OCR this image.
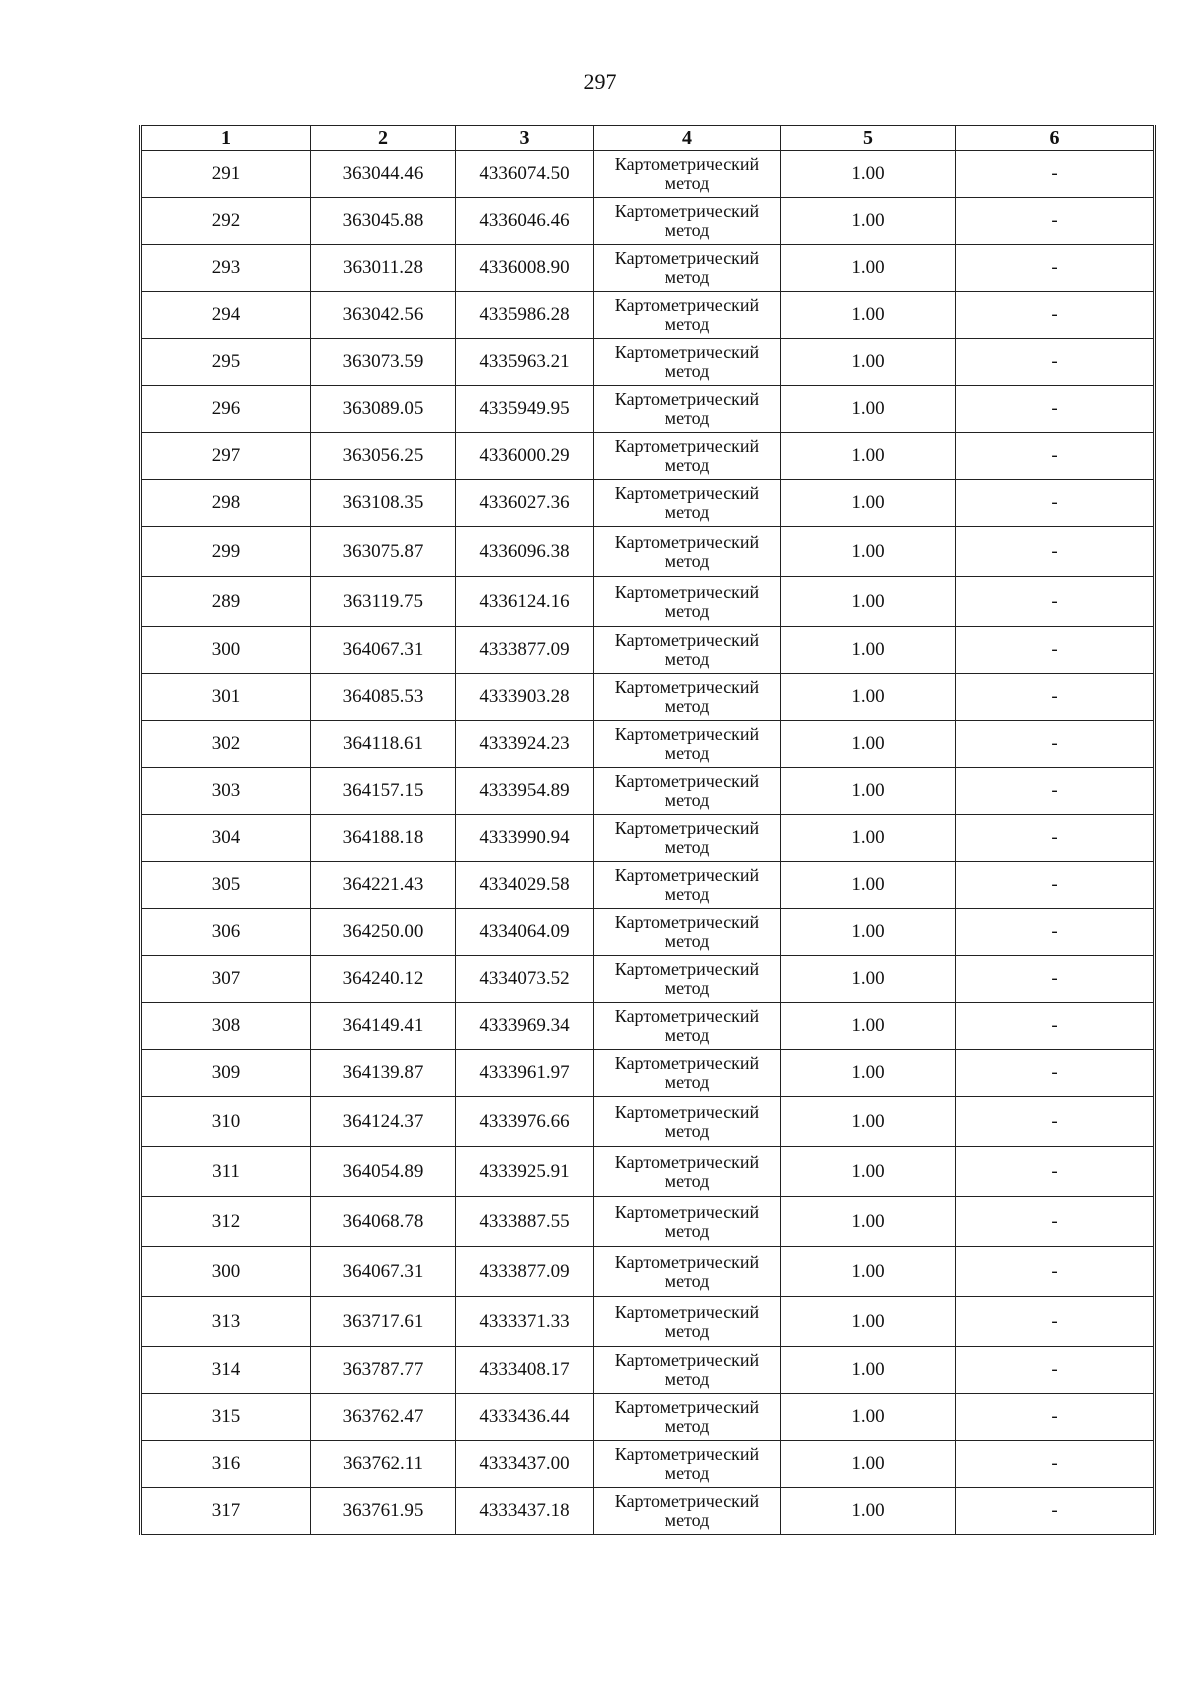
297
1	2	3	4	5	6
291	363044.46	4336074.50	Картометрический метод	1.00	-
292	363045.88	4336046.46	Картометрический метод	1.00	-
293	363011.28	4336008.90	Картометрический метод	1.00	-
294	363042.56	4335986.28	Картометрический метод	1.00	-
295	363073.59	4335963.21	Картометрический метод	1.00	-
296	363089.05	4335949.95	Картометрический метод	1.00	-
297	363056.25	4336000.29	Картометрический метод	1.00	-
298	363108.35	4336027.36	Картометрический метод	1.00	-
299	363075.87	4336096.38	Картометрический метод	1.00	-
289	363119.75	4336124.16	Картометрический метод	1.00	-
300	364067.31	4333877.09	Картометрический метод	1.00	-
301	364085.53	4333903.28	Картометрический метод	1.00	-
302	364118.61	4333924.23	Картометрический метод	1.00	-
303	364157.15	4333954.89	Картометрический метод	1.00	-
304	364188.18	4333990.94	Картометрический метод	1.00	-
305	364221.43	4334029.58	Картометрический метод	1.00	-
306	364250.00	4334064.09	Картометрический метод	1.00	-
307	364240.12	4334073.52	Картометрический метод	1.00	-
308	364149.41	4333969.34	Картометрический метод	1.00	-
309	364139.87	4333961.97	Картометрический метод	1.00	-
310	364124.37	4333976.66	Картометрический метод	1.00	-
311	364054.89	4333925.91	Картометрический метод	1.00	-
312	364068.78	4333887.55	Картометрический метод	1.00	-
300	364067.31	4333877.09	Картометрический метод	1.00	-
313	363717.61	4333371.33	Картометрический метод	1.00	-
314	363787.77	4333408.17	Картометрический метод	1.00	-
315	363762.47	4333436.44	Картометрический метод	1.00	-
316	363762.11	4333437.00	Картометрический метод	1.00	-
317	363761.95	4333437.18	Картометрический метод	1.00	-
